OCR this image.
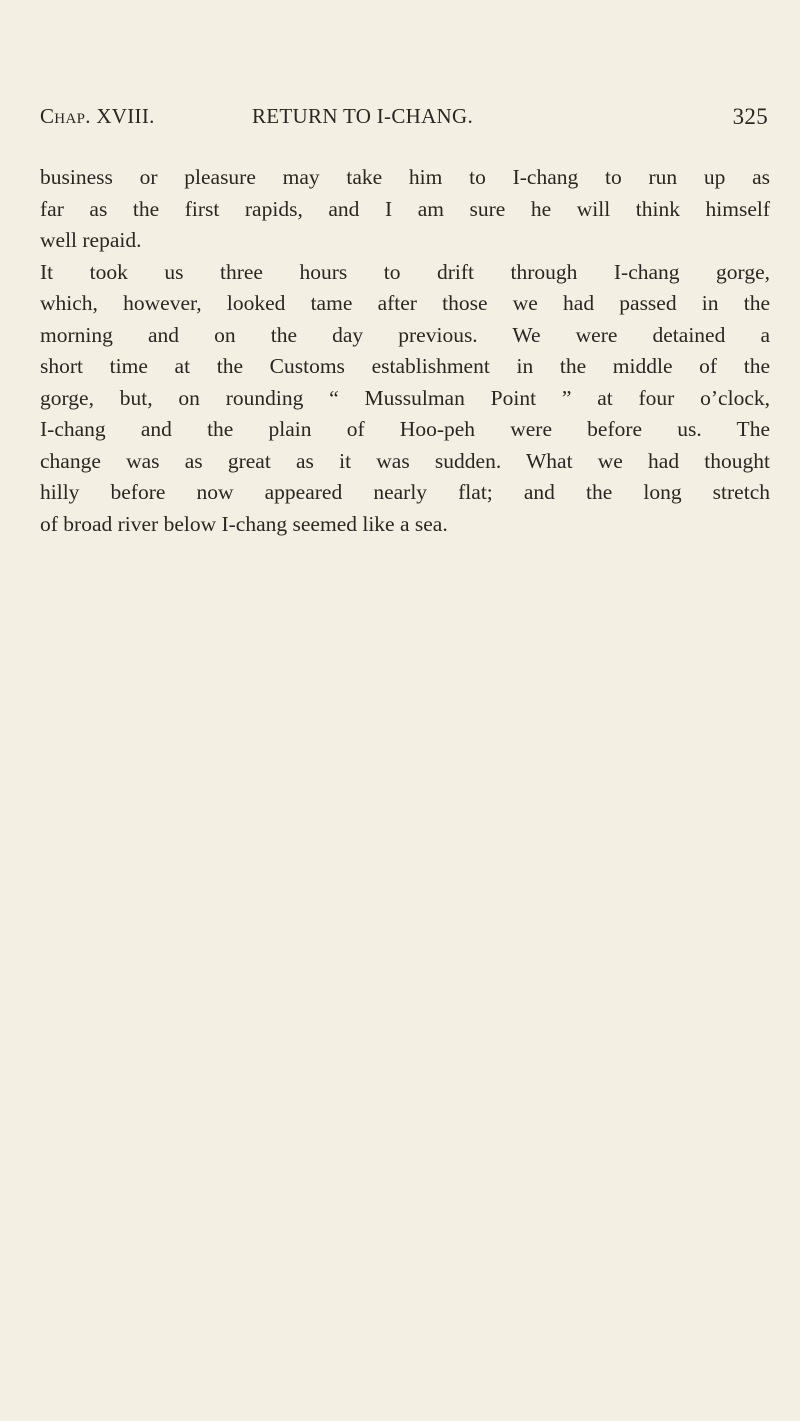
Chap. XVIII.	RETURN TO I-CHANG.	325
business or pleasure may take him to I-chang to run up as
far as the first rapids, and I am sure he will think himself
well repaid.
It took us three hours to drift through I-chang gorge,
which, however, looked tame after those we had passed in the
morning and on the day previous. We were detained a
short time at the Customs establishment in the middle of the
gorge, but, on rounding “ Mussulman Point ” at four o’clock,
I-chang and the plain of Hoo-peh were before us. The
change was as great as it was sudden. What we had thought
hilly before now appeared nearly flat; and the long stretch
of broad river below I-chang seemed like a sea.
